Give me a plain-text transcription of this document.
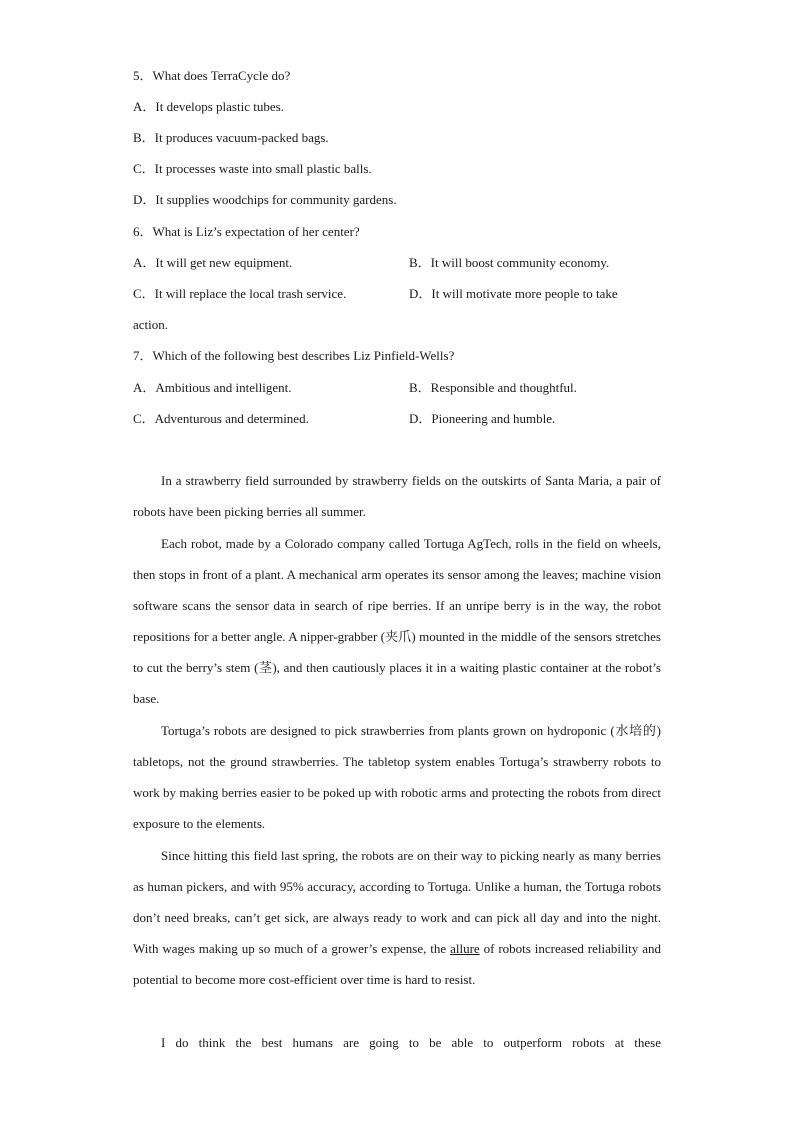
5．What does TerraCycle do?
A．It develops plastic tubes.
B．It produces vacuum-packed bags.
C．It processes waste into small plastic balls.
D．It supplies woodchips for community gardens.
6．What is Liz’s expectation of her center?
A．It will get new equipment.	B．It will boost community economy.
C．It will replace the local trash service.	D．It will motivate more people to take
action.
7．Which of the following best describes Liz Pinfield-Wells?
A．Ambitious and intelligent.	B．Responsible and thoughtful.
C．Adventurous and determined.	D．Pioneering and humble.
In a strawberry field surrounded by strawberry fields on the outskirts of Santa Maria, a pair of robots have been picking berries all summer.
Each robot, made by a Colorado company called Tortuga AgTech, rolls in the field on wheels, then stops in front of a plant. A mechanical arm operates its sensor among the leaves; machine vision software scans the sensor data in search of ripe berries. If an unripe berry is in the way, the robot repositions for a better angle. A nipper-grabber (夹爪) mounted in the middle of the sensors stretches to cut the berry’s stem (茎), and then cautiously places it in a waiting plastic container at the robot’s base.
Tortuga’s robots are designed to pick strawberries from plants grown on hydroponic (水培的) tabletops, not the ground strawberries. The tabletop system enables Tortuga’s strawberry robots to work by making berries easier to be poked up with robotic arms and protecting the robots from direct exposure to the elements.
Since hitting this field last spring, the robots are on their way to picking nearly as many berries as human pickers, and with 95% accuracy, according to Tortuga. Unlike a human, the Tortuga robots don’t need breaks, can’t get sick, are always ready to work and can pick all day and into the night. With wages making up so much of a grower’s expense, the allure of robots increased reliability and potential to become more cost-efficient over time is hard to resist.
I do think the best humans are going to be able to outperform robots at these
